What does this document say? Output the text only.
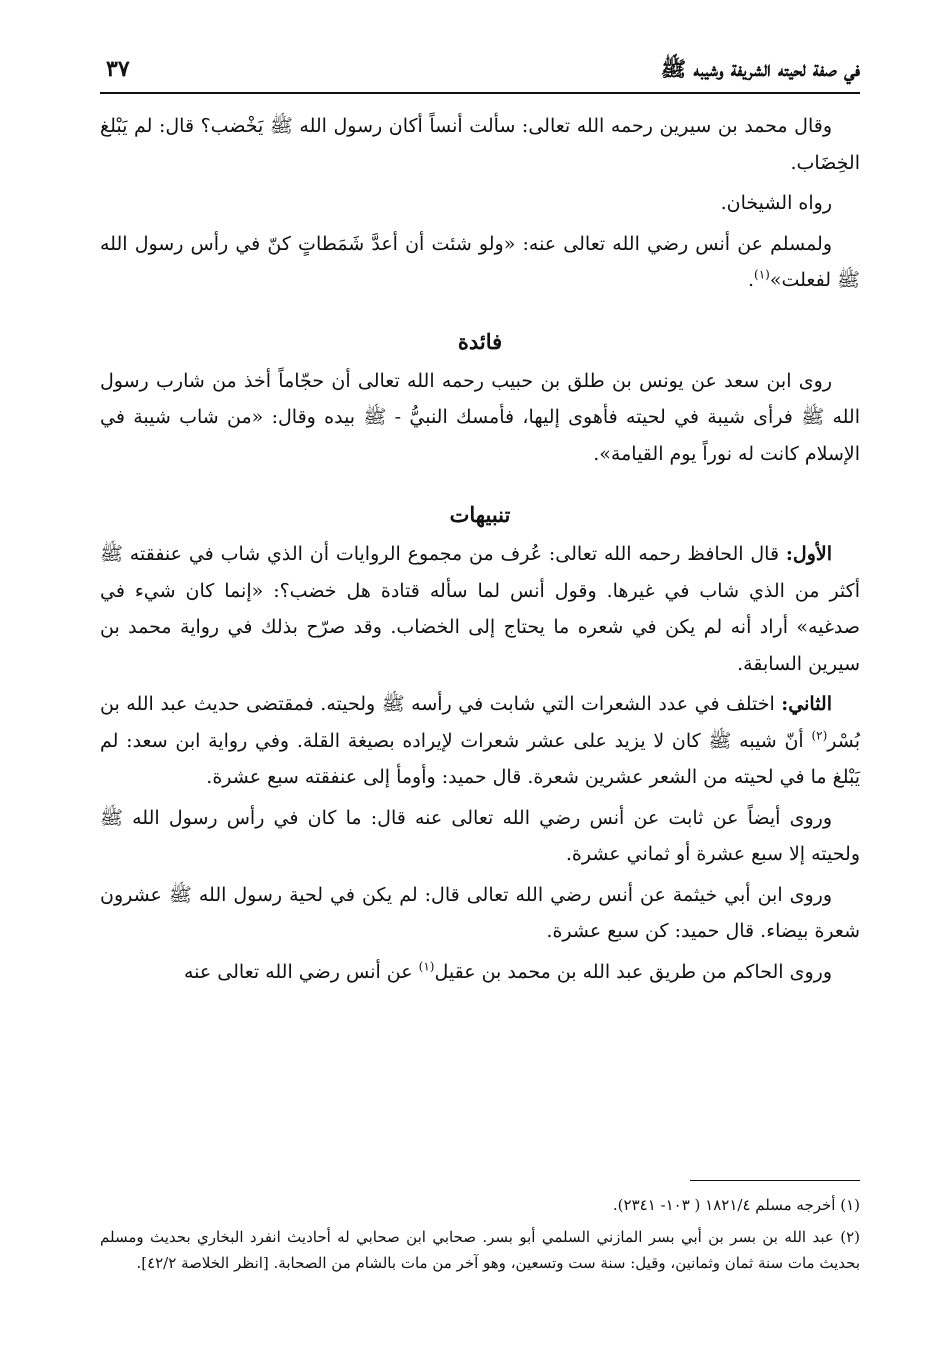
في صفة لحيته الشريفة وشيبه ﷺ
٣٧

وقال محمد بن سيرين رحمه الله تعالى: سألت أنساً أكان رسول الله ﷺ يَخْضب؟ قال: لم يَبْلغ الخِضَاب.

رواه الشيخان.

ولمسلم عن أنس رضي الله تعالى عنه: «ولو شئت أن أعدَّ شَمَطاتٍ كنّ في رأس رسول الله ﷺ لفعلت»$^{(١)}$.

فائدة

روى ابن سعد عن يونس بن طلق بن حبيب رحمه الله تعالى أن حجّاماً أخذ من شارب رسول الله ﷺ فرأى شيبة في لحيته فأهوى إليها، فأمسك النبيُّ - ﷺ بيده وقال: «من شاب شيبة في الإسلام كانت له نوراً يوم القيامة».

تنبيهات

الأول: قال الحافظ رحمه الله تعالى: عُرف من مجموع الروايات أن الذي شاب في عنفقته ﷺ أكثر من الذي شاب في غيرها. وقول أنس لما سأله قتادة هل خضب؟: «إنما كان شيء في صدغيه» أراد أنه لم يكن في شعره ما يحتاج إلى الخضاب. وقد صرّح بذلك في رواية محمد بن سيرين السابقة.

الثاني: اختلف في عدد الشعرات التي شابت في رأسه ﷺ ولحيته. فمقتضى حديث عبد الله بن بُسْر$^{(٢)}$ أنّ شيبه ﷺ كان لا يزيد على عشر شعرات لإيراده بصيغة القلة. وفي رواية ابن سعد: لم يَبْلغ ما في لحيته من الشعر عشرين شعرة. قال حميد: وأومأ إلى عنفقته سبع عشرة.

وروى أيضاً عن ثابت عن أنس رضي الله تعالى عنه قال: ما كان في رأس رسول الله ﷺ ولحيته إلا سبع عشرة أو ثماني عشرة.

وروى ابن أبي خيثمة عن أنس رضي الله تعالى قال: لم يكن في لحية رسول الله ﷺ عشرون شعرة بيضاء. قال حميد: كن سبع عشرة.

وروى الحاكم من طريق عبد الله بن محمد بن عقيل$^{(١)}$ عن أنس رضي الله تعالى عنه

(١) أخرجه مسلم ١٨٢١/٤ ( ١٠٣- ٢٣٤١).

(٢) عبد الله بن بسر بن أبي بسر المازني السلمي أبو بسر. صحابي ابن صحابي له أحاديث انفرد البخاري بحديث ومسلم بحديث مات سنة ثمان وثمانين، وقيل: سنة ست وتسعين، وهو آخر من مات بالشام من الصحابة. [انظر الخلاصة ٤٢/٢].
